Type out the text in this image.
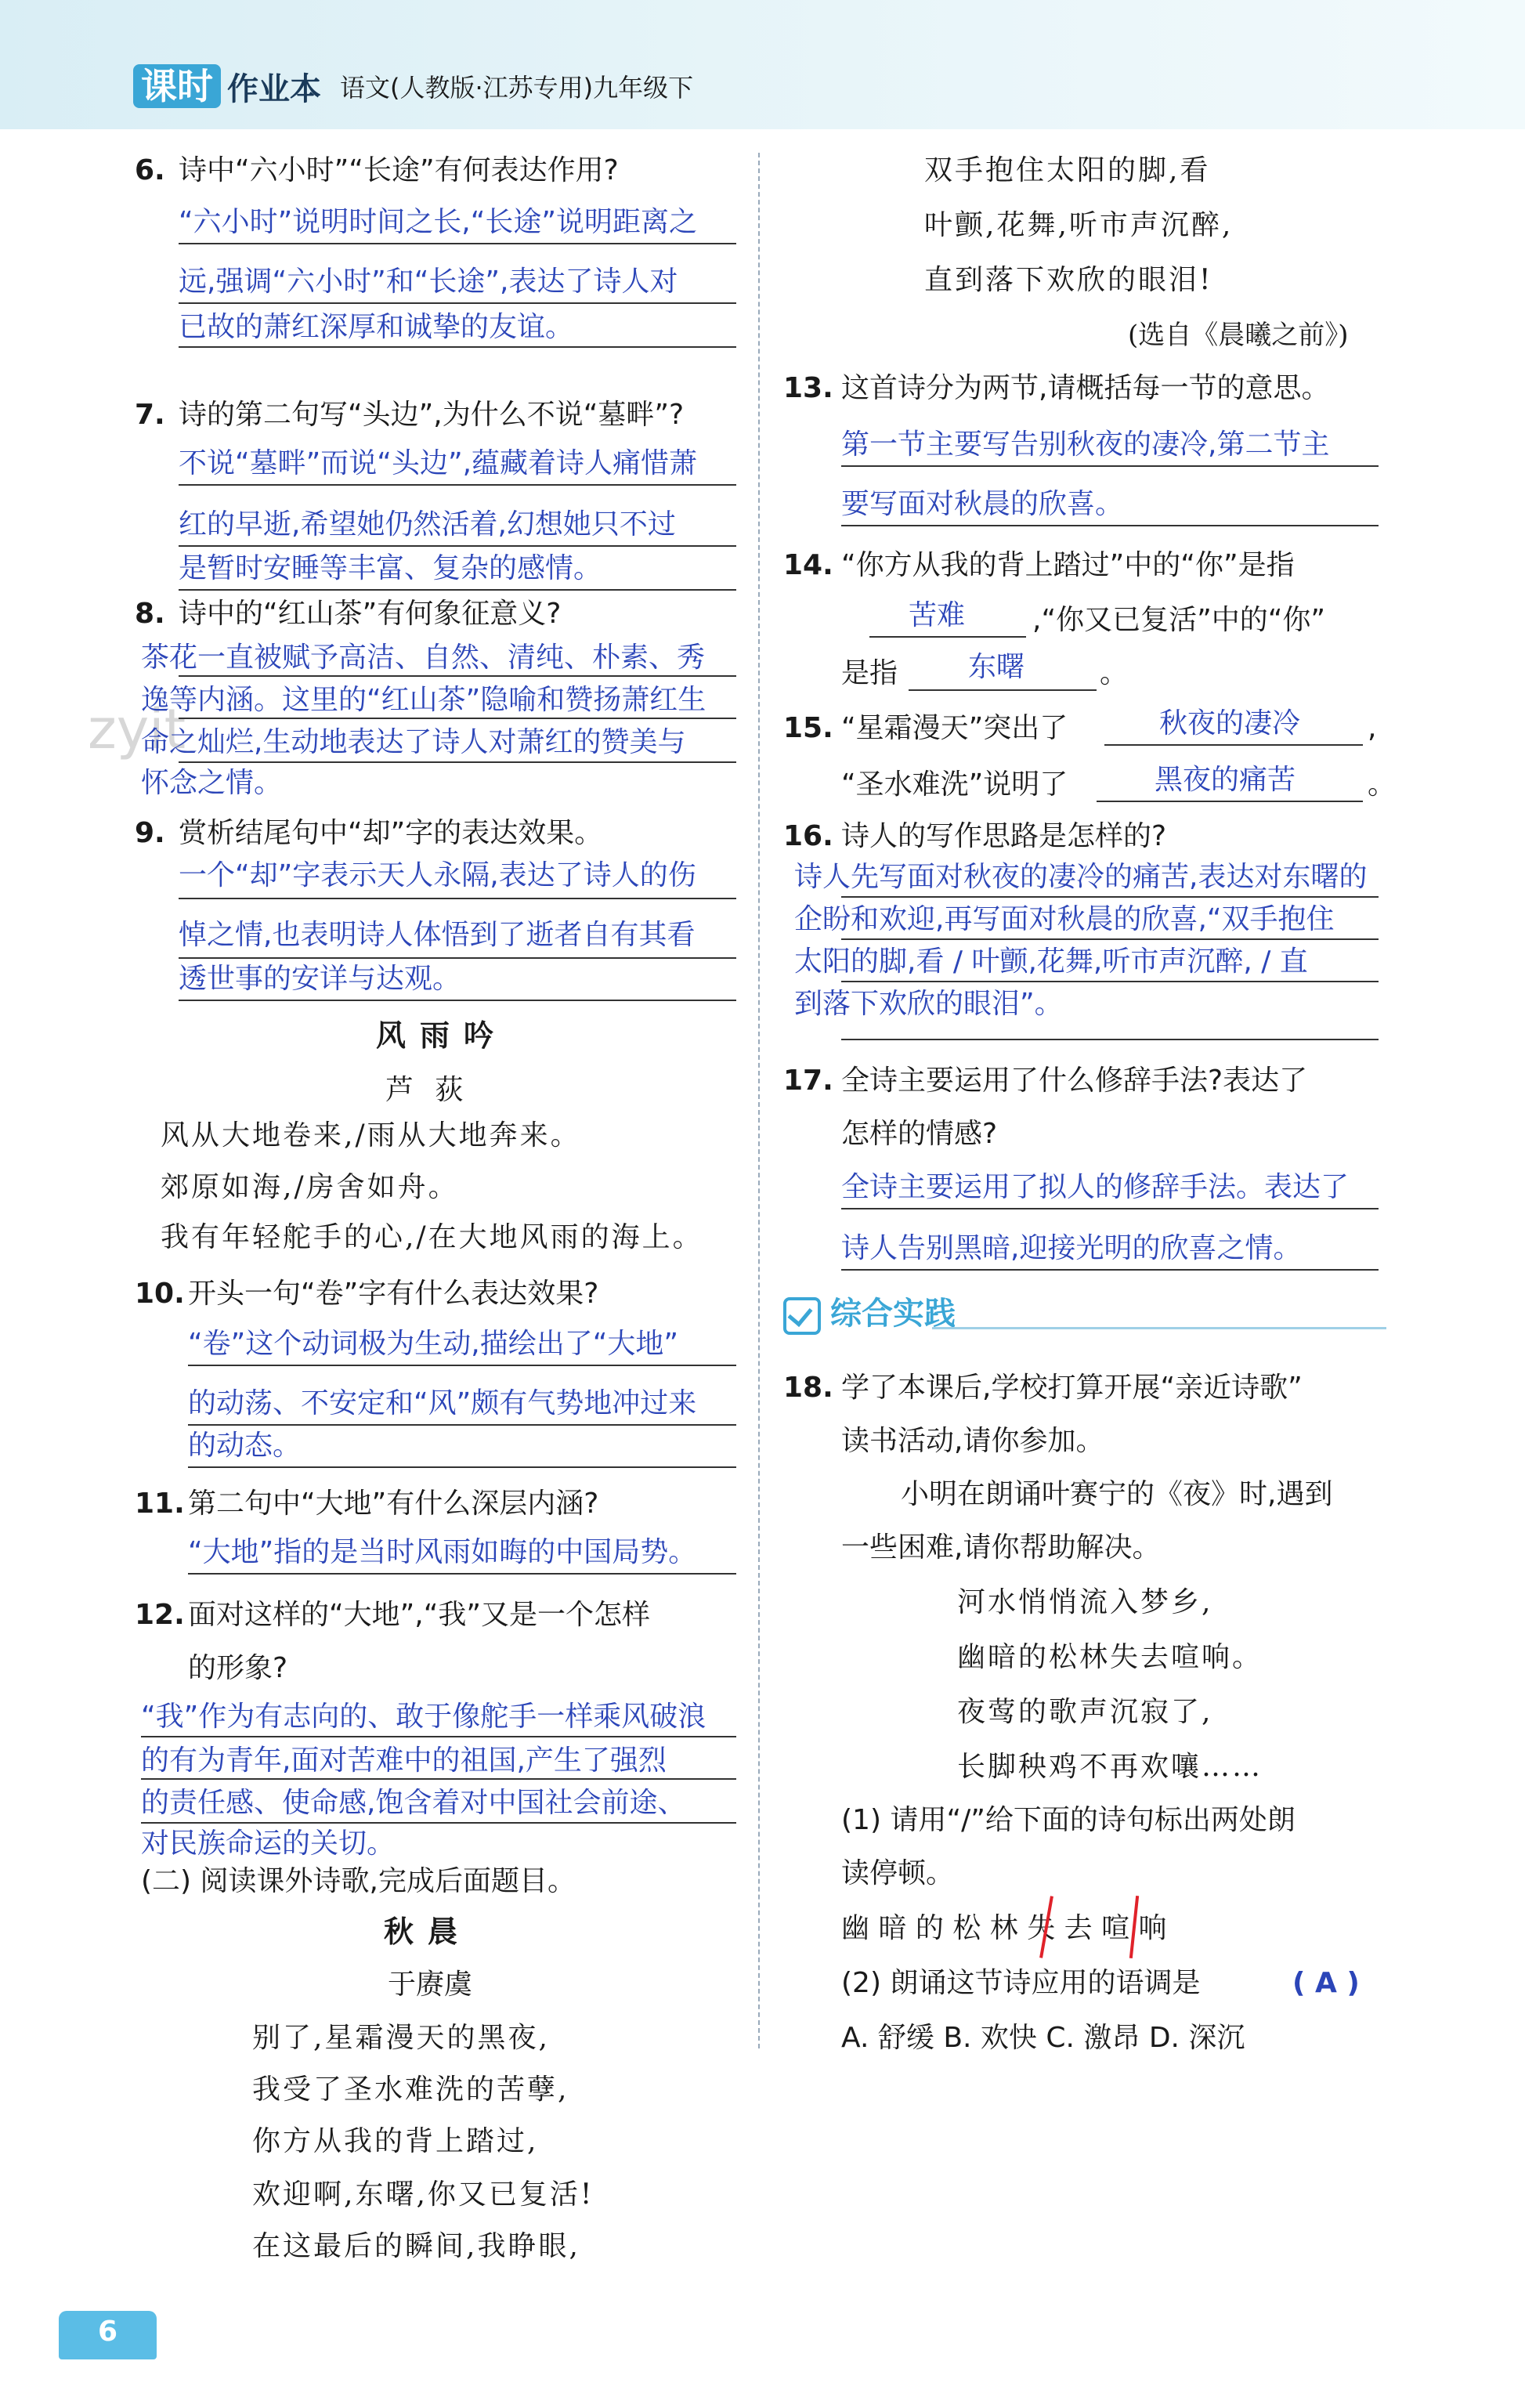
课时 作业本 语文(人教版·江苏专用)九年级下
zyit
6. 诗中“六小时”“长途”有何表达作用?
“六小时”说明时间之长,“长途”说明距离之
远,强调“六小时”和“长途”,表达了诗人对
已故的萧红深厚和诚挚的友谊。
7. 诗的第二句写“头边”,为什么不说“墓畔”?
不说“墓畔”而说“头边”,蕴藏着诗人痛惜萧
红的早逝,希望她仍然活着,幻想她只不过
是暂时安睡等丰富、复杂的感情。
8. 诗中的“红山茶”有何象征意义?
茶花一直被赋予高洁、自然、清纯、朴素、秀
逸等内涵。这里的“红山茶”隐喻和赞扬萧红生
命之灿烂,生动地表达了诗人对萧红的赞美与
怀念之情。
9. 赏析结尾句中“却”字的表达效果。
一个“却”字表示天人永隔,表达了诗人的伤
悼之情,也表明诗人体悟到了逝者自有其看
透世事的安详与达观。
风雨吟
芦 荻
风从大地卷来,/雨从大地奔来。
郊原如海,/房舍如舟。
我有年轻舵手的心,/在大地风雨的海上。
10. 开头一句“卷”字有什么表达效果?
“卷”这个动词极为生动,描绘出了“大地”
的动荡、不安定和“风”颇有气势地冲过来
的动态。
11. 第二句中“大地”有什么深层内涵?
“大地”指的是当时风雨如晦的中国局势。
12. 面对这样的“大地”,“我”又是一个怎样
的形象?
“我”作为有志向的、敢于像舵手一样乘风破浪
的有为青年,面对苦难中的祖国,产生了强烈
的责任感、使命感,饱含着对中国社会前途、
对民族命运的关切。
(二) 阅读课外诗歌,完成后面题目。
秋晨
于赓虞
别了,星霜漫天的黑夜,
我受了圣水难洗的苦孽,
你方从我的背上踏过,
欢迎啊,东曙,你又已复活!
在这最后的瞬间,我睁眼,
双手抱住太阳的脚,看
叶颤,花舞,听市声沉醉,
直到落下欢欣的眼泪!
(选自《晨曦之前》)
13. 这首诗分为两节,请概括每一节的意思。
第一节主要写告别秋夜的凄冷,第二节主
要写面对秋晨的欣喜。
14. “你方从我的背上踏过”中的“你”是指
苦难 ,“你又已复活”中的“你”
是指 东曙	。
15. “星霜漫天”突出了	秋夜的凄冷 ,
“圣水难洗”说明了	黑夜的痛苦	。
16. 诗人的写作思路是怎样的?
诗人先写面对秋夜的凄冷的痛苦,表达对东曙的
企盼和欢迎,再写面对秋晨的欣喜,“双手抱住
太阳的脚,看 / 叶颤,花舞,听市声沉醉, / 直
到落下欢欣的眼泪”。
17. 全诗主要运用了什么修辞手法?表达了
怎样的情感?
全诗主要运用了拟人的修辞手法。表达了
诗人告别黑暗,迎接光明的欣喜之情。
综合实践
18. 学了本课后,学校打算开展“亲近诗歌”
读书活动,请你参加。
小明在朗诵叶赛宁的《夜》时,遇到
一些困难,请你帮助解决。
河水悄悄流入梦乡,
幽暗的松林失去喧响。
夜莺的歌声沉寂了,
长脚秧鸡不再欢嚷……
(1) 请用“/”给下面的诗句标出两处朗
读停顿。
幽 暗 的 松 林 失 去 喧 响
(2) 朗诵这节诗应用的语调是	( A )
A. 舒缓 B. 欢快 C. 激昂 D. 深沉
6
